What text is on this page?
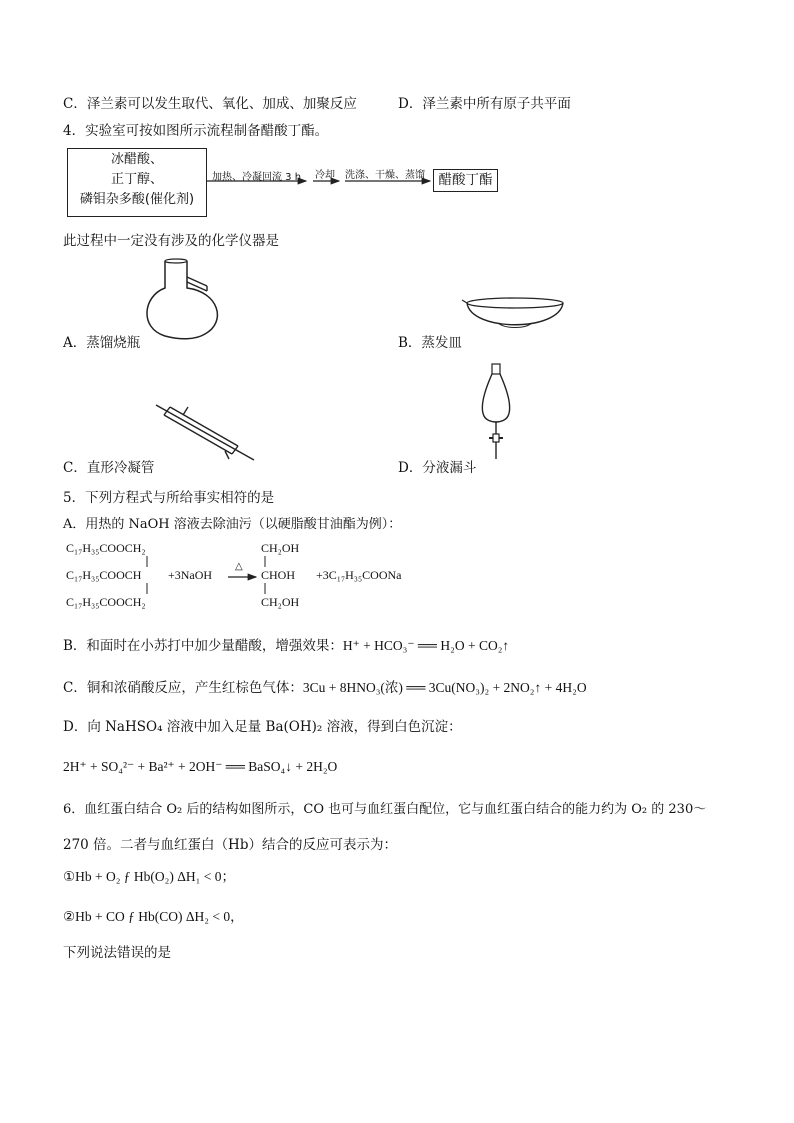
C．泽兰素可以发生取代、氧化、加成、加聚反应	D．泽兰素中所有原子共平面
4．实验室可按如图所示流程制备醋酸丁酯。
冰醋酸、
正丁醇、
磷钼杂多酸(催化剂)
加热、冷凝回流 3 h 冷却 洗涤、干燥、蒸馏	醋酸丁酯
此过程中一定没有涉及的化学仪器是
A．蒸馏烧瓶	B．蒸发皿
C．直形冷凝管	D．分液漏斗
5．下列方程式与所给事实相符的是
A．用热的 NaOH 溶液去除油污（以硬脂酸甘油酯为例）：
C₁₇H₃₅COOCH₂
C₁₇H₃₅COOCH
C₁₇H₃₅COOCH₂
+3NaOH
△
CH₂OH
CHOH
CH₂OH
+3C₁₇H₃₅COONa
B．和面时在小苏打中加少量醋酸，增强效果：H⁺ + HCO₃⁻ ══ H₂O + CO₂↑
C．铜和浓硝酸反应，产生红棕色气体：3Cu + 8HNO₃(浓) ══ 3Cu(NO₃)₂ + 2NO₂↑ + 4H₂O
D．向 NaHSO₄ 溶液中加入足量 Ba(OH)₂ 溶液，得到白色沉淀：
2H⁺ + SO₄²⁻ + Ba²⁺ + 2OH⁻ ══ BaSO₄↓ + 2H₂O
6．血红蛋白结合 O₂ 后的结构如图所示，CO 也可与血红蛋白配位，它与血红蛋白结合的能力约为 O₂ 的 230～
270 倍。二者与血红蛋白（Hb）结合的反应可表示为：
①Hb + O₂ ƒ Hb(O₂) ΔH₁ < 0；
②Hb + CO ƒ Hb(CO) ΔH₂ < 0，
下列说法错误的是
